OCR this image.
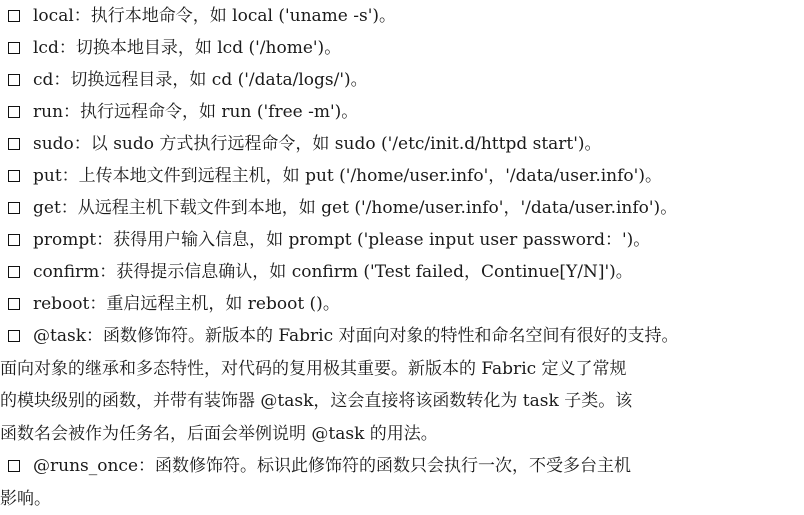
local：执行本地命令，如 local ('uname -s')。
lcd：切换本地目录，如 lcd ('/home')。
cd：切换远程目录，如 cd ('/data/logs/')。
run：执行远程命令，如 run ('free -m')。
sudo：以 sudo 方式执行远程命令，如 sudo ('/etc/init.d/httpd start')。
put：上传本地文件到远程主机，如 put ('/home/user.info'，'/data/user.info')。
get：从远程主机下载文件到本地，如 get ('/home/user.info'，'/data/user.info')。
prompt：获得用户输入信息，如 prompt ('please input user password：')。
confirm：获得提示信息确认，如 confirm ('Test failed，Continue[Y/N]')。
reboot：重启远程主机，如 reboot ()。
@task：函数修饰符。新版本的 Fabric 对面向对象的特性和命名空间有很好的支持。
面向对象的继承和多态特性，对代码的复用极其重要。新版本的 Fabric 定义了常规
的模块级别的函数，并带有装饰器 @task，这会直接将该函数转化为 task 子类。该
函数名会被作为任务名，后面会举例说明 @task 的用法。
@runs_once：函数修饰符。标识此修饰符的函数只会执行一次，不受多台主机
影响。
